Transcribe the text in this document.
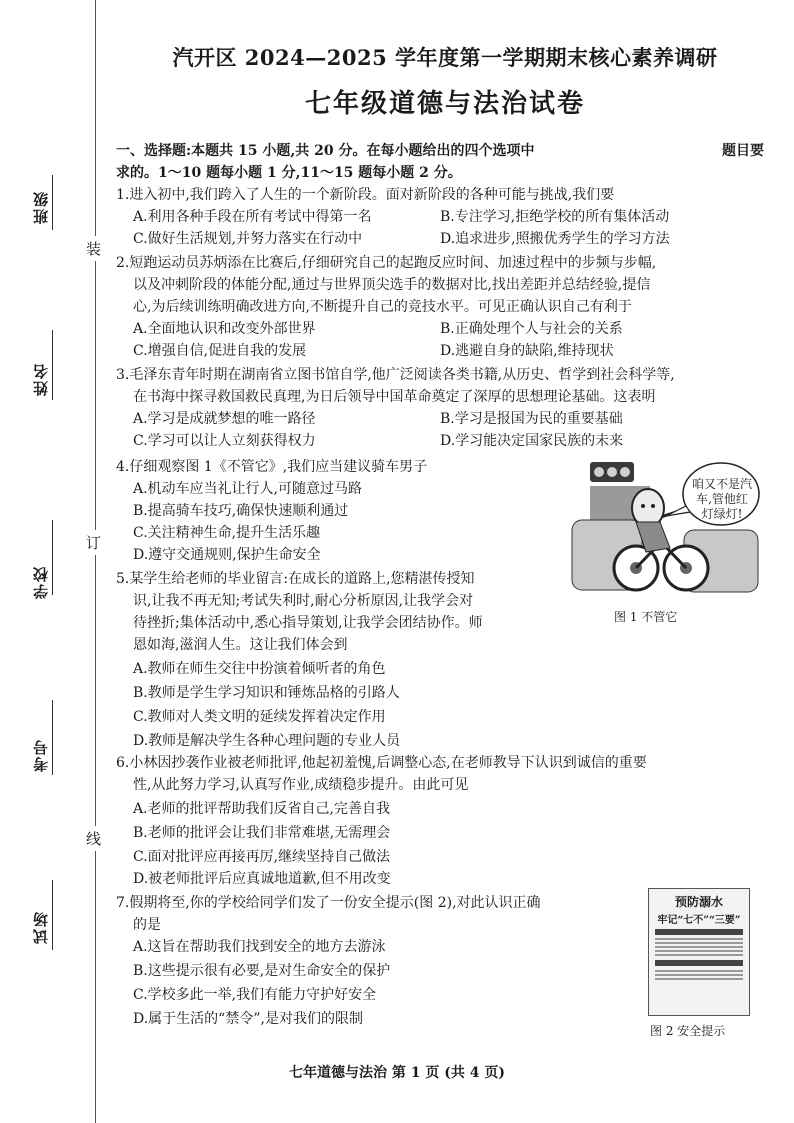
班级
姓名
学校
考号
试场
装
订
线
汽开区 2024—2025 学年度第一学期期末核心素养调研
七年级道德与法治试卷
一、选择题:本题共 15 小题,共 20 分。在每小题给出的四个选项中	题目要
求的。1～10 题每小题 1 分,11～15 题每小题 2 分。
1.进入初中,我们跨入了人生的一个新阶段。面对新阶段的各种可能与挑战,我们要
A.利用各种手段在所有考试中得第一名	B.专注学习,拒绝学校的所有集体活动
C.做好生活规划,并努力落实在行动中	D.追求进步,照搬优秀学生的学习方法
2.短跑运动员苏炳添在比赛后,仔细研究自己的起跑反应时间、加速过程中的步频与步幅,
以及冲刺阶段的体能分配,通过与世界顶尖选手的数据对比,找出差距并总结经验,提信
心,为后续训练明确改进方向,不断提升自己的竞技水平。可见正确认识自己有利于
A.全面地认识和改变外部世界	B.正确处理个人与社会的关系
C.增强自信,促进自我的发展	D.逃避自身的缺陷,维持现状
3.毛泽东青年时期在湖南省立图书馆自学,他广泛阅读各类书籍,从历史、哲学到社会科学等,
在书海中探寻救国救民真理,为日后领导中国革命奠定了深厚的思想理论基础。这表明
A.学习是成就梦想的唯一路径	B.学习是报国为民的重要基础
C.学习可以让人立刻获得权力	D.学习能决定国家民族的未来
4.仔细观察图 1《不管它》,我们应当建议骑车男子
A.机动车应当礼让行人,可随意过马路
B.提高骑车技巧,确保快速顺利通过
C.关注精神生命,提升生活乐趣
D.遵守交通规则,保护生命安全
咱又不是汽
车,管他红
灯绿灯!
图 1 不管它
5.某学生给老师的毕业留言:在成长的道路上,您精湛传授知
识,让我不再无知;考试失利时,耐心分析原因,让我学会对
待挫折;集体活动中,悉心指导策划,让我学会团结协作。师
恩如海,滋润人生。这让我们体会到
A.教师在师生交往中扮演着倾听者的角色
B.教师是学生学习知识和锤炼品格的引路人
C.教师对人类文明的延续发挥着决定作用
D.教师是解决学生各种心理问题的专业人员
6.小林因抄袭作业被老师批评,他起初羞愧,后调整心态,在老师教导下认识到诚信的重要
性,从此努力学习,认真写作业,成绩稳步提升。由此可见
A.老师的批评帮助我们反省自己,完善自我
B.老师的批评会让我们非常难堪,无需理会
C.面对批评应再接再厉,继续坚持自己做法
D.被老师批评后应真诚地道歉,但不用改变
7.假期将至,你的学校给同学们发了一份安全提示(图 2),对此认识正确
的是
A.这旨在帮助我们找到安全的地方去游泳
B.这些提示很有必要,是对生命安全的保护
C.学校多此一举,我们有能力守护好安全
D.属于生活的“禁令”,是对我们的限制
预防溺水
牢记“七不”“三要”
图 2 安全提示
七年道德与法治 第 1 页 (共 4 页)
